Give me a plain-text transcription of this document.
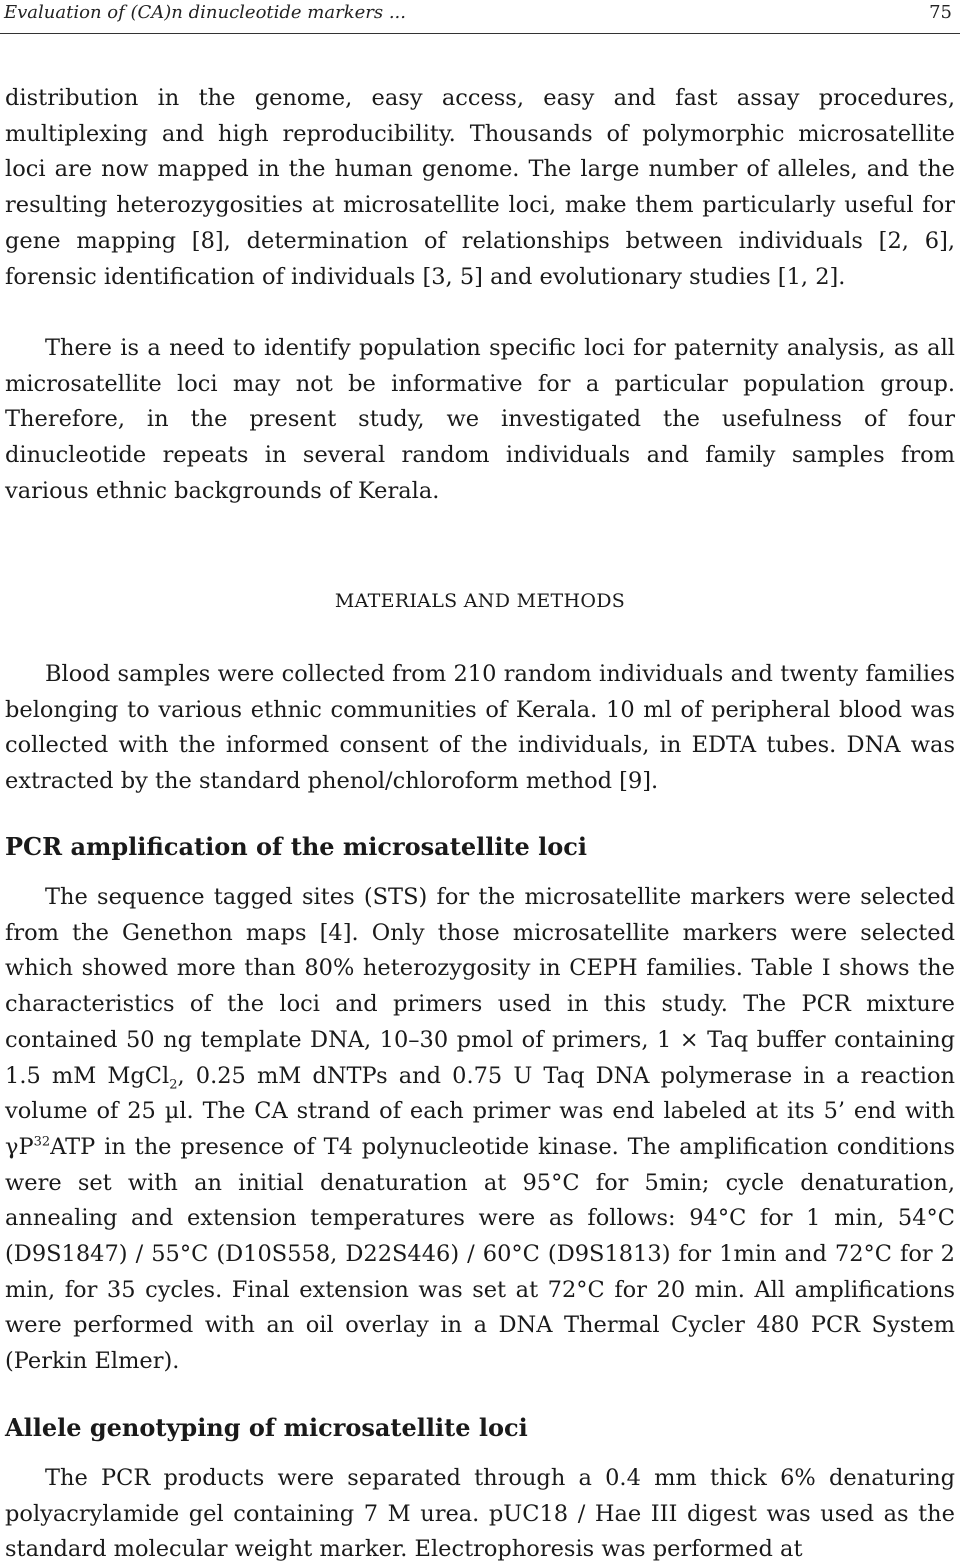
Evaluation of (CA)n dinucleotide markers ...	75

distribution in the genome, easy access, easy and fast assay procedures, multiplexing and high reproducibility. Thousands of polymorphic microsatellite loci are now mapped in the human genome. The large number of alleles, and the resulting heterozygosities at microsatellite loci, make them particularly useful for gene mapping [8], determination of relationships between individuals [2, 6], forensic identification of individuals [3, 5] and evolutionary studies [1, 2].

There is a need to identify population specific loci for paternity analysis, as all microsatellite loci may not be informative for a particular population group. Therefore, in the present study, we investigated the usefulness of four dinucleotide repeats in several random individuals and family samples from various ethnic backgrounds of Kerala.

MATERIALS AND METHODS

Blood samples were collected from 210 random individuals and twenty families belonging to various ethnic communities of Kerala. 10 ml of peripheral blood was collected with the informed consent of the individuals, in EDTA tubes. DNA was extracted by the standard phenol/chloroform method [9].

PCR amplification of the microsatellite loci

The sequence tagged sites (STS) for the microsatellite markers were selected from the Genethon maps [4]. Only those microsatellite markers were selected which showed more than 80% heterozygosity in CEPH families. Table I shows the characteristics of the loci and primers used in this study. The PCR mixture contained 50 ng template DNA, 10–30 pmol of primers, 1 × Taq buffer containing 1.5 mM MgCl$_2$, 0.25 mM dNTPs and 0.75 U Taq DNA polymerase in a reaction volume of 25 µl. The CA strand of each primer was end labeled at its 5’ end with $\gamma P^{32}ATP$ in the presence of T4 polynucleotide kinase. The amplification conditions were set with an initial denaturation at 95°C for 5min; cycle denaturation, annealing and extension temperatures were as follows: 94°C for 1 min, 54°C (D9S1847) / 55°C (D10S558, D22S446) / 60°C (D9S1813) for 1min and 72°C for 2 min, for 35 cycles. Final extension was set at 72°C for 20 min. All amplifications were performed with an oil overlay in a DNA Thermal Cycler 480 PCR System (Perkin Elmer).

Allele genotyping of microsatellite loci

The PCR products were separated through a 0.4 mm thick 6% denaturing polyacrylamide gel containing 7 M urea. pUC18 / Hae III digest was used as the standard molecular weight marker. Electrophoresis was performed at
